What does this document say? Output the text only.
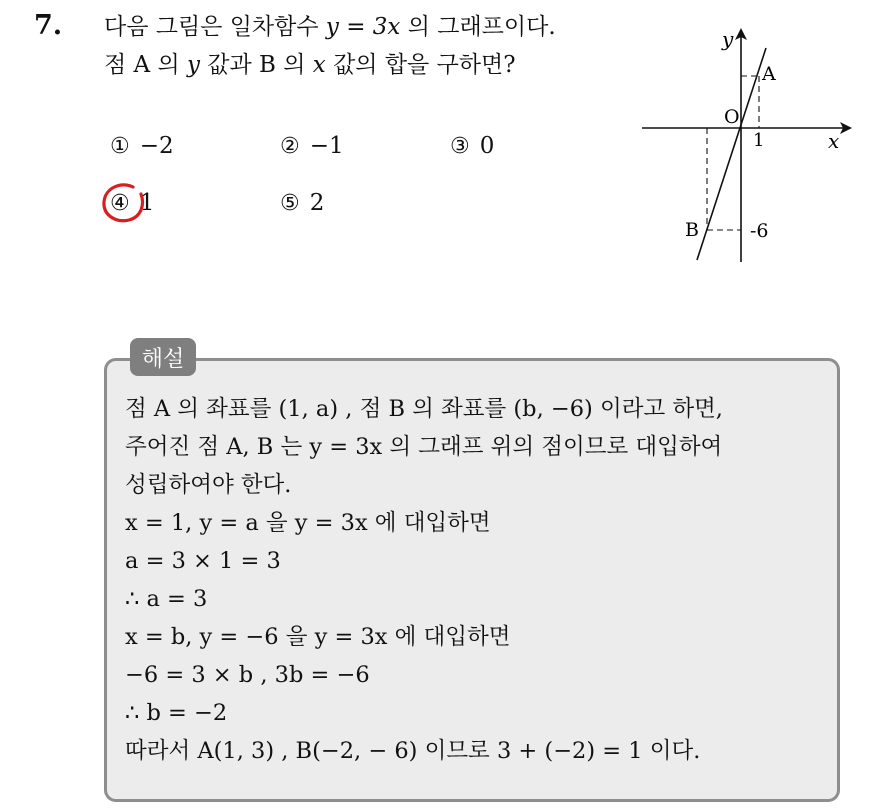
7. 다음 그림은 일차함수 y = 3x 의 그래프이다.
점 A 의 y 값과 B 의 x 값의 합을 구하면?
① −2	② −1	③ 0
④ 1	⑤ 2
y
x
O
1
-6
A
B
해설
점 A 의 좌표를 (1, a) , 점 B 의 좌표를 (b, −6) 이라고 하면,
주어진 점 A, B 는 y = 3x 의 그래프 위의 점이므로 대입하여
성립하여야 한다.
x = 1, y = a 을 y = 3x 에 대입하면
a = 3 × 1 = 3
∴ a = 3
x = b, y = −6 을 y = 3x 에 대입하면
−6 = 3 × b , 3b = −6
∴ b = −2
따라서 A(1, 3) , B(−2, − 6) 이므로 3 + (−2) = 1 이다.
